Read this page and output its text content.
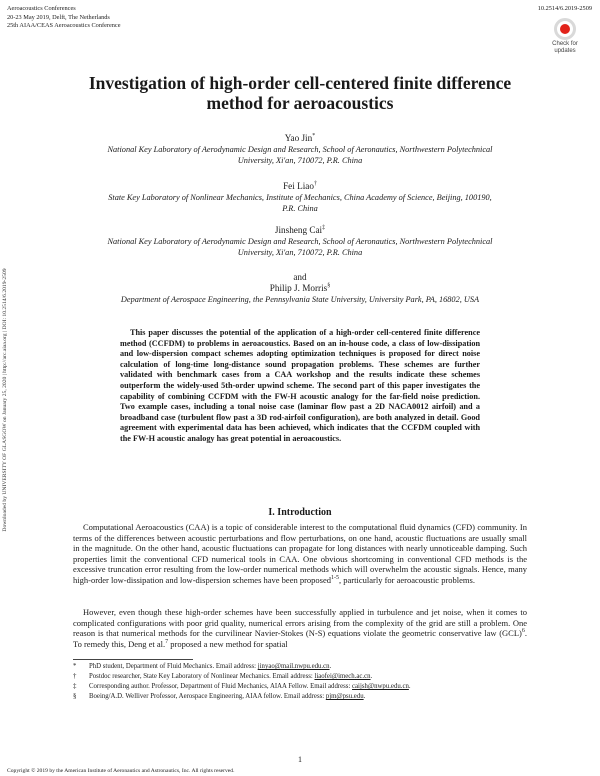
Aeroacoustics Conferences
20-23 May 2019, Delft, The Netherlands
25th AIAA/CEAS Aeroacoustics Conference
10.2514/6.2019-2509
Check for
updates
Downloaded by UNIVERSITY OF GLASGOW on January 25, 2020 | http://arc.aiaa.org | DOI: 10.2514/6.2019-2509
Investigation of high-order cell-centered finite difference
method for aeroacoustics
Yao Jin*
National Key Laboratory of Aerodynamic Design and Research, School of Aeronautics, Northwestern Polytechnical
University, Xi'an, 710072, P.R. China
Fei Liao†
State Key Laboratory of Nonlinear Mechanics, Institute of Mechanics, China Academy of Science, Beijing, 100190,
P.R. China
Jinsheng Cai‡
National Key Laboratory of Aerodynamic Design and Research, School of Aeronautics, Northwestern Polytechnical
University, Xi'an, 710072, P.R. China
and
Philip J. Morris§
Department of Aerospace Engineering, the Pennsylvania State University, University Park, PA, 16802, USA
This paper discusses the potential of the application of a high-order cell-centered finite difference method (CCFDM) to problems in aeroacoustics. Based on an in-house code, a class of low-dissipation and low-dispersion compact schemes adopting optimization techniques is proposed for direct noise calculation of long-time long-distance sound propagation problems. These schemes are further validated with benchmark cases from a CAA workshop and the results indicate these schemes outperform the widely-used 5th-order upwind scheme. The second part of this paper investigates the capability of combining CCFDM with the FW-H acoustic analogy for the far-field noise prediction. Two example cases, including a tonal noise case (laminar flow past a 2D NACA0012 airfoil) and a broadband case (turbulent flow past a 3D rod-airfoil configuration), are both analyzed in detail. Good agreement with experimental data has been achieved, which indicates that the CCFDM coupled with the FW-H acoustic analogy has great potential in aeroacoustics.
I. Introduction
Computational Aeroacoustics (CAA) is a topic of considerable interest to the computational fluid dynamics (CFD) community. In terms of the differences between acoustic perturbations and flow perturbations, on one hand, acoustic fluctuations are usually small in the magnitude. On the other hand, acoustic fluctuations can propagate for long distances with nearly unnoticeable damping. Such properties limit the conventional CFD numerical tools in CAA. One obvious shortcoming in conventional CFD methods is the excessive truncation error resulting from the low-order numerical methods which will overwhelm the acoustic signals. Hence, many high-order low-dissipation and low-dispersion schemes have been proposed$^{1-5}$, particularly for aeroacoustic problems.
However, even though these high-order schemes have been successfully applied in turbulence and jet noise, when it comes to complicated configurations with poor grid quality, numerical errors arising from the complexity of the grid are still a problem. One reason is that numerical methods for the curvilinear Navier-Stokes (N-S) equations violate the geometric conservative law (GCL)$^6$. To remedy this, Deng et al.$^7$ proposed a new method for spatial
* PhD student, Department of Fluid Mechanics. Email address: jinyao@mail.nwpu.edu.cn.
† Postdoc researcher, State Key Laboratory of Nonlinear Mechanics. Email address: liaofei@imech.ac.cn.
‡ Corresponding author. Professor, Department of Fluid Mechanics, AIAA Fellow. Email address: caijsh@nwpu.edu.cn.
§ Boeing/A.D. Welliver Professor, Aerospace Engineering, AIAA fellow. Email address: pjm@psu.edu.
1
Copyright © 2019 by the American Institute of Aeronautics and Astronautics, Inc. All rights reserved.
